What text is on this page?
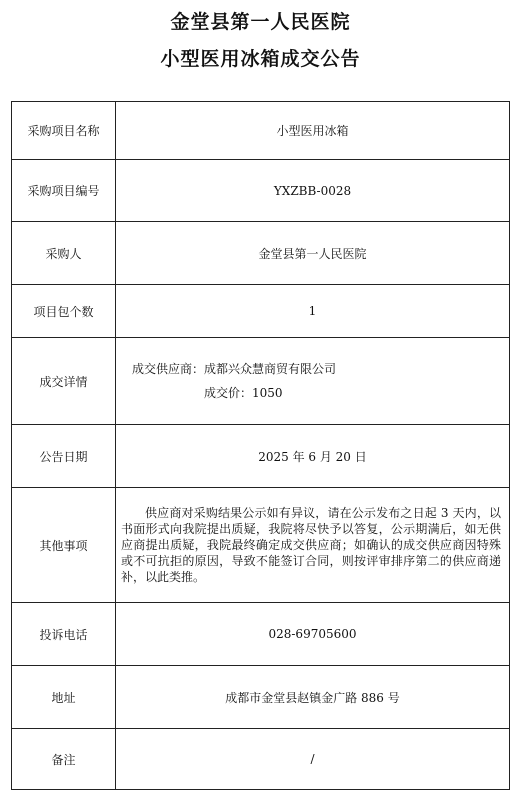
金堂县第一人民医院
小型医用冰箱成交公告
采购项目名称	小型医用冰箱
采购项目编号	YXZBB-0028
采购人	金堂县第一人民医院
项目包个数	1
成交详情	成交供应商：成都兴众慧商贸有限公司
成交价：1050

公告日期	2025 年 6 月 20 日
其他事项	供应商对采购结果公示如有异议，请在公示发布之日起 3 天内，以书面形式向我院提出质疑，我院将尽快予以答复，公示期满后，如无供应商提出质疑，我院最终确定成交供应商；如确认的成交供应商因特殊或不可抗拒的原因，导致不能签订合同，则按评审排序第二的供应商递补，以此类推。

投诉电话	028-69705600
地址	成都市金堂县赵镇金广路 886 号
备注	/
